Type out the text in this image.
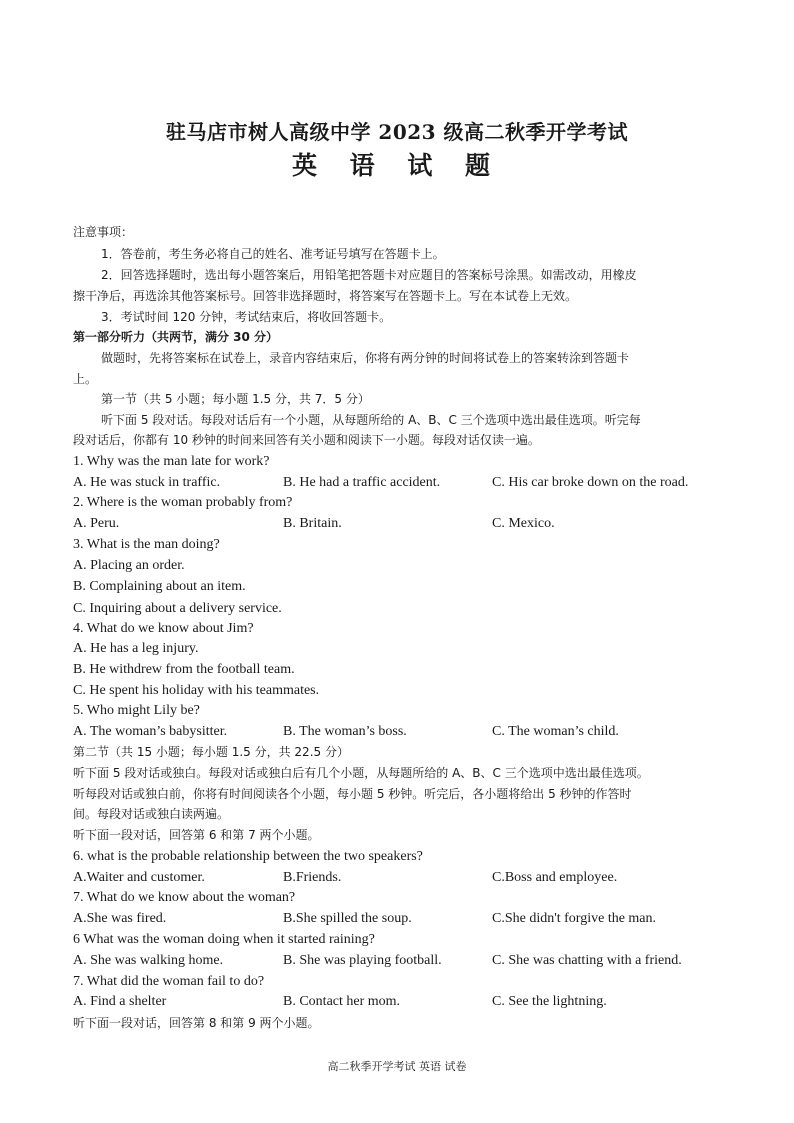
驻马店市树人高级中学 2023 级高二秋季开学考试
英 语 试 题
注意事项：
1．答卷前，考生务必将自己的姓名、准考证号填写在答题卡上。
2．回答选择题时，选出每小题答案后，用铅笔把答题卡对应题目的答案标号涂黑。如需改动，用橡皮
擦干净后，再选涂其他答案标号。回答非选择题时，将答案写在答题卡上。写在本试卷上无效。
3．考试时间 120 分钟，考试结束后，将收回答题卡。
第一部分听力（共两节，满分 30 分）
做题时，先将答案标在试卷上，录音内容结束后，你将有两分钟的时间将试卷上的答案转涂到答题卡
上。
第一节（共 5 小题；每小题 1.5 分，共 7．5 分）
听下面 5 段对话。每段对话后有一个小题，从每题所给的 A、B、C 三个选项中选出最佳选项。听完每
段对话后，你都有 10 秒钟的时间来回答有关小题和阅读下一小题。每段对话仅读一遍。
1. Why was the man late for work?
A. He was stuck in traffic.	B. He had a traffic accident.	C. His car broke down on the road.
2. Where is the woman probably from?
A. Peru.	B. Britain.	C. Mexico.
3. What is the man doing?
A. Placing an order.
B. Complaining about an item.
C. Inquiring about a delivery service.
4. What do we know about Jim?
A. He has a leg injury.
B. He withdrew from the football team.
C. He spent his holiday with his teammates.
5. Who might Lily be?
A. The woman’s babysitter.	B. The woman’s boss.	C. The woman’s child.
第二节（共 15 小题；每小题 1.5 分，共 22.5 分）
听下面 5 段对话或独白。每段对话或独白后有几个小题，从每题所给的 A、B、C 三个选项中选出最佳选项。
听每段对话或独白前，你将有时间阅读各个小题，每小题 5 秒钟。听完后，各小题将给出 5 秒钟的作答时
间。每段对话或独白读两遍。
听下面一段对话，回答第 6 和第 7 两个小题。
6. what is the probable relationship between the two speakers?
A.Waiter and customer.	B.Friends.	C.Boss and employee.
7. What do we know about the woman?
A.She was fired.	B.She spilled the soup.	C.She didn't forgive the man.
6 What was the woman doing when it started raining?
A. She was walking home.	B. She was playing football.	C. She was chatting with a friend.
7. What did the woman fail to do?
A. Find a shelter	B. Contact her mom.	C. See the lightning.
听下面一段对话，回答第 8 和第 9 两个小题。
高二秋季开学考试 英语 试卷
